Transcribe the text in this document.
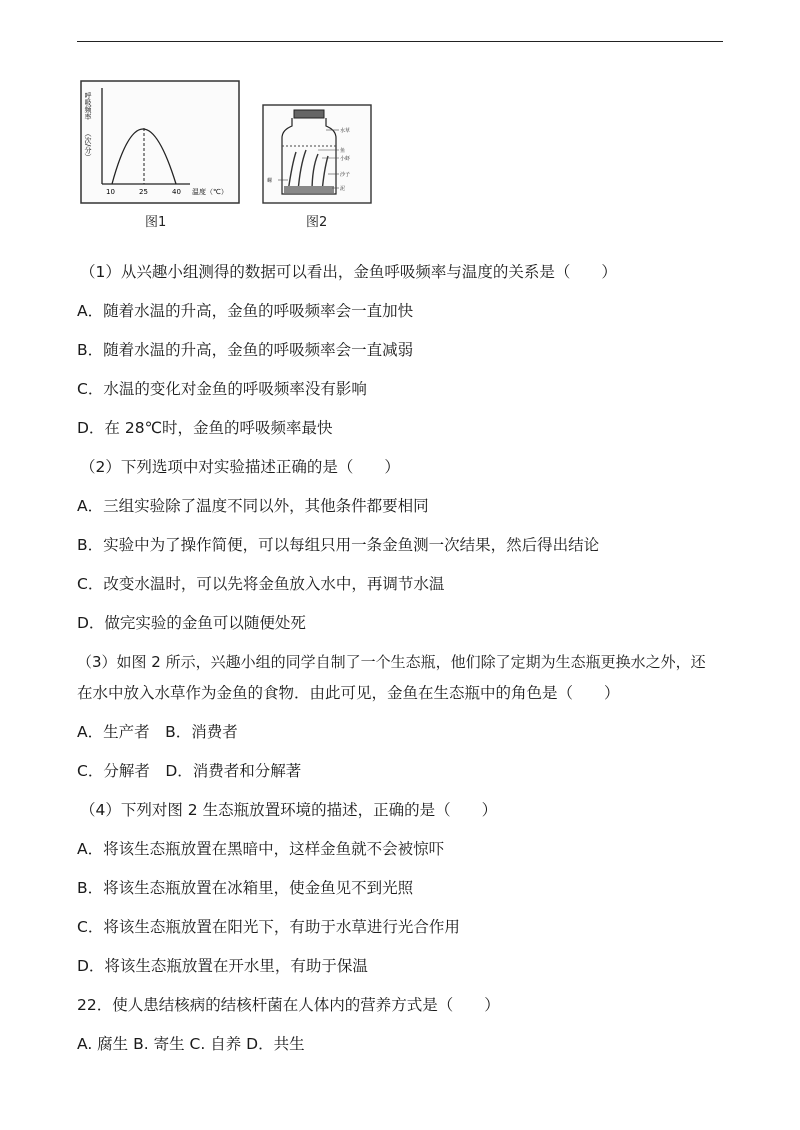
呼吸频率
（次/分）
10	25	40 温度（℃）
图1
水草
鱼
小虾
螺
沙子
泥
图2
（1）从兴趣小组测得的数据可以看出，金鱼呼吸频率与温度的关系是（　　）
A．随着水温的升高，金鱼的呼吸频率会一直加快
B．随着水温的升高，金鱼的呼吸频率会一直减弱
C．水温的变化对金鱼的呼吸频率没有影响
D．在 28℃时，金鱼的呼吸频率最快
（2）下列选项中对实验描述正确的是（　　）
A．三组实验除了温度不同以外，其他条件都要相同
B．实验中为了操作简便，可以每组只用一条金鱼测一次结果，然后得出结论
C．改变水温时，可以先将金鱼放入水中，再调节水温
D．做完实验的金鱼可以随便处死
（3）如图 2 所示，兴趣小组的同学自制了一个生态瓶，他们除了定期为生态瓶更换水之外，还
在水中放入水草作为金鱼的食物．由此可见，金鱼在生态瓶中的角色是（　　）
A．生产者　B．消费者
C．分解者　D．消费者和分解著
（4）下列对图 2 生态瓶放置环境的描述，正确的是（　　）
A．将该生态瓶放置在黑暗中，这样金鱼就不会被惊吓
B．将该生态瓶放置在冰箱里，使金鱼见不到光照
C．将该生态瓶放置在阳光下，有助于水草进行光合作用
D．将该生态瓶放置在开水里，有助于保温
22．使人患结核病的结核杆菌在人体内的营养方式是（　　）
A. 腐生 B. 寄生 C. 自养 D．共生
